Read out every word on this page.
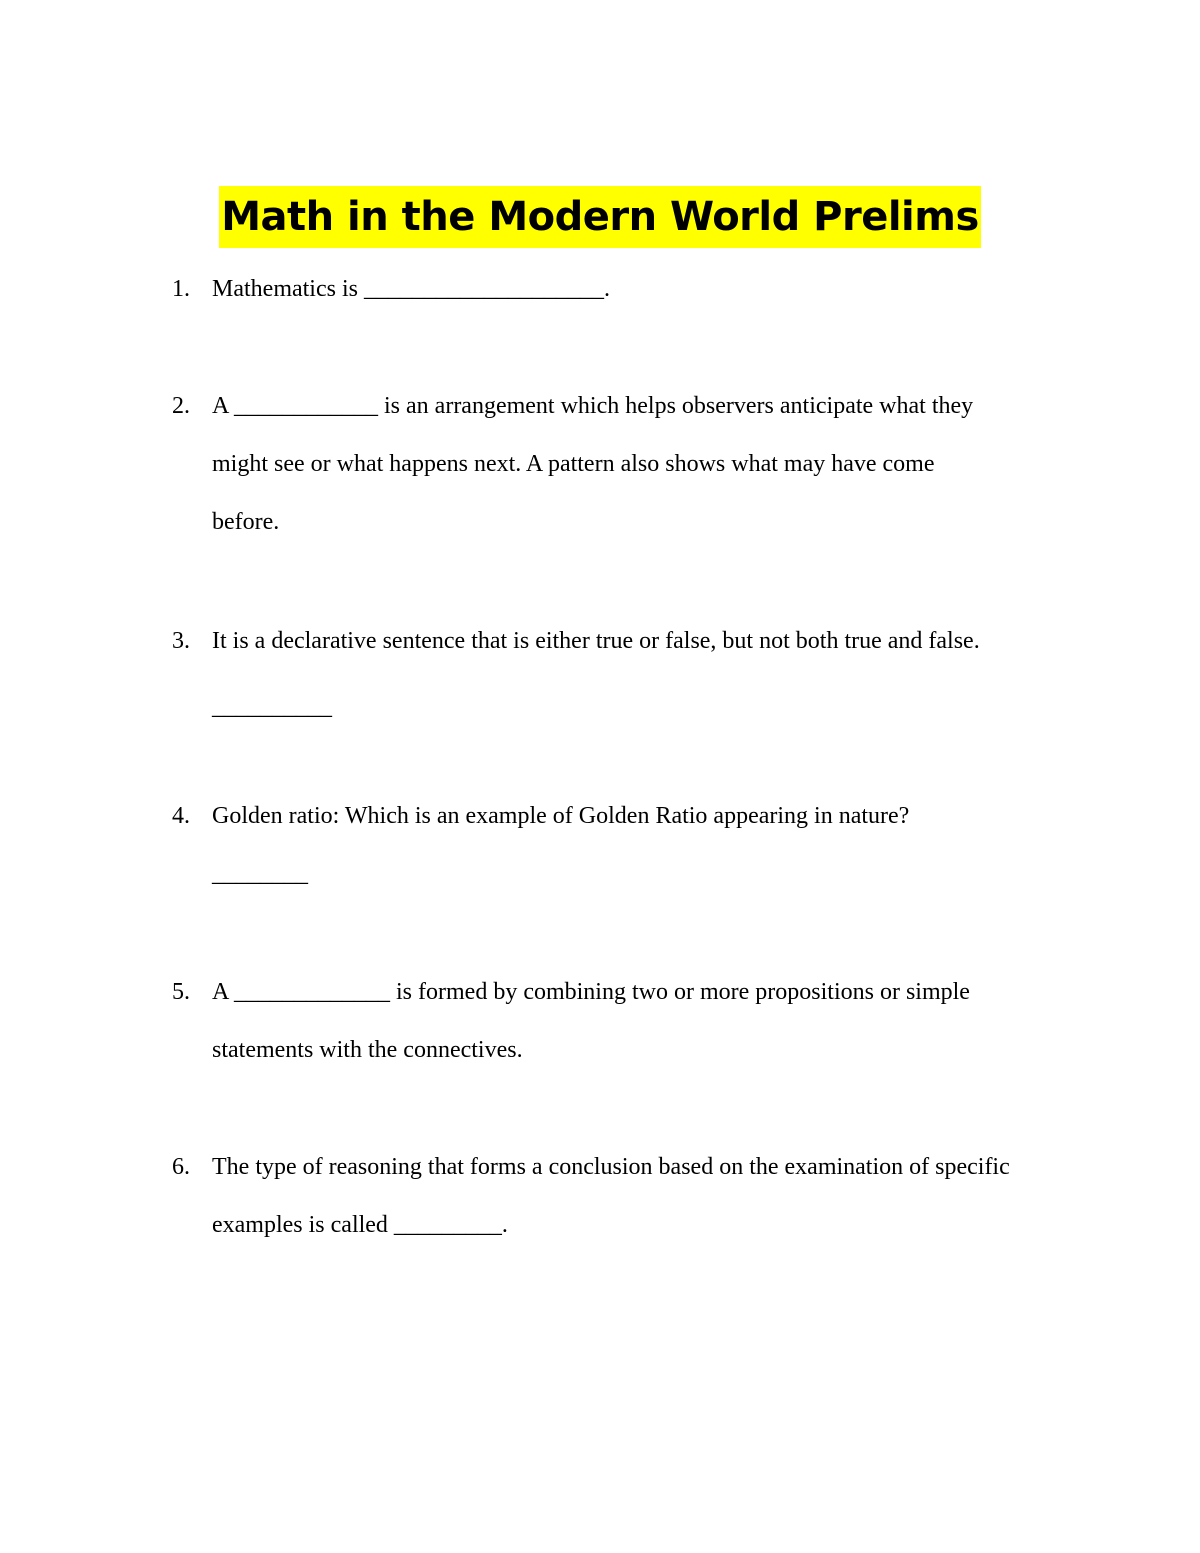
Math in the Modern World Prelims
1. Mathematics is ____________________.
2. A ____________ is an arrangement which helps observers anticipate what they
might see or what happens next. A pattern also shows what may have come
before.
3. It is a declarative sentence that is either true or false, but not both true and false.
__________
4. Golden ratio: Which is an example of Golden Ratio appearing in nature?
________
5. A _____________ is formed by combining two or more propositions or simple
statements with the connectives.
6. The type of reasoning that forms a conclusion based on the examination of specific
examples is called _________.
